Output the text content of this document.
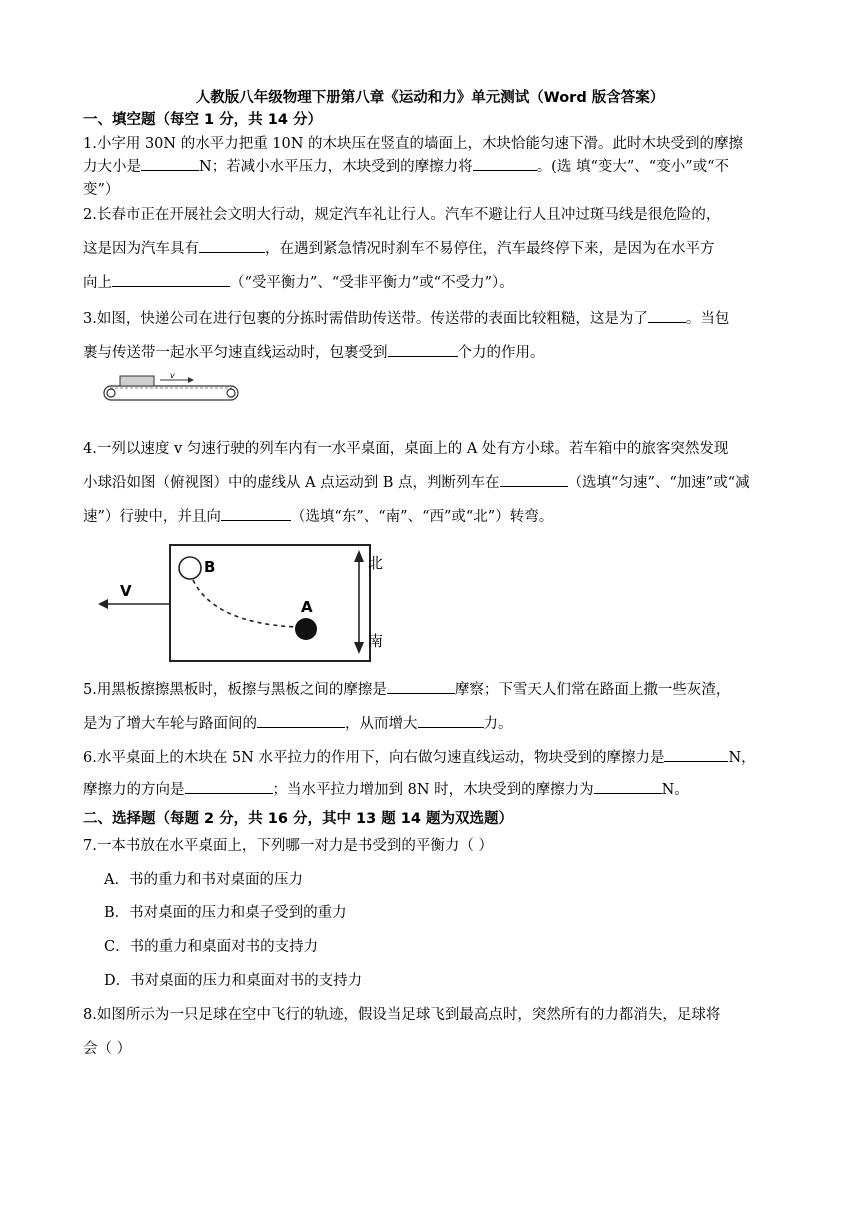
人教版八年级物理下册第八章《运动和力》单元测试（Word 版含答案）
一、填空题（每空 1 分，共 14 分）
1.小字用 30N 的水平力把重 10N 的木块压在竖直的墙面上，木块恰能匀速下滑。此时木块受到的摩擦
力大小是	N；若减小水平压力，木块受到的摩擦力将	。(选 填“变大”、“变小”或“不
变”）
2.长春市正在开展社会文明大行动，规定汽车礼让行人。汽车不避让行人且冲过斑马线是很危险的，
这是因为汽车具有	，在遇到紧急情况时刹车不易停住，汽车最终停下来，是因为在水平方
向上	（“受平衡力”、“受非平衡力”或“不受力”）。
3.如图，快递公司在进行包裹的分拣时需借助传送带。传送带的表面比较粗糙，这是为了	。当包
裹与传送带一起水平匀速直线运动时，包裹受到	个力的作用。
v
4.一列以速度 v 匀速行驶的列车内有一水平桌面，桌面上的 A 处有方小球。若车箱中的旅客突然发现
小球沿如图（俯视图）中的虚线从 A 点运动到 B 点，判断列车在	（选填“匀速”、“加速”或“减
速”）行驶中，并且向	（选填“东”、“南”、“西”或“北”）转弯。
V
B
A
北
南
5.用黑板擦擦黑板时，板擦与黑板之间的摩擦是	摩察；下雪天人们常在路面上撒一些灰渣，
是为了增大车轮与路面间的	，从而增大	力。
6.水平桌面上的木块在 5N 水平拉力的作用下，向右做匀速直线运动，物块受到的摩擦力是	N，
摩擦力的方向是	；当水平拉力增加到 8N 时，木块受到的摩擦力为	N。
二、选择题（每题 2 分，共 16 分，其中 13 题 14 题为双选题）
7.一本书放在水平桌面上，下列哪一对力是书受到的平衡力（ ）
A．书的重力和书对桌面的压力
B．书对桌面的压力和桌子受到的重力
C．书的重力和桌面对书的支持力
D．书对桌面的压力和桌面对书的支持力
8.如图所示为一只足球在空中飞行的轨迹，假设当足球飞到最高点时，突然所有的力都消失，足球将
会（ ）
